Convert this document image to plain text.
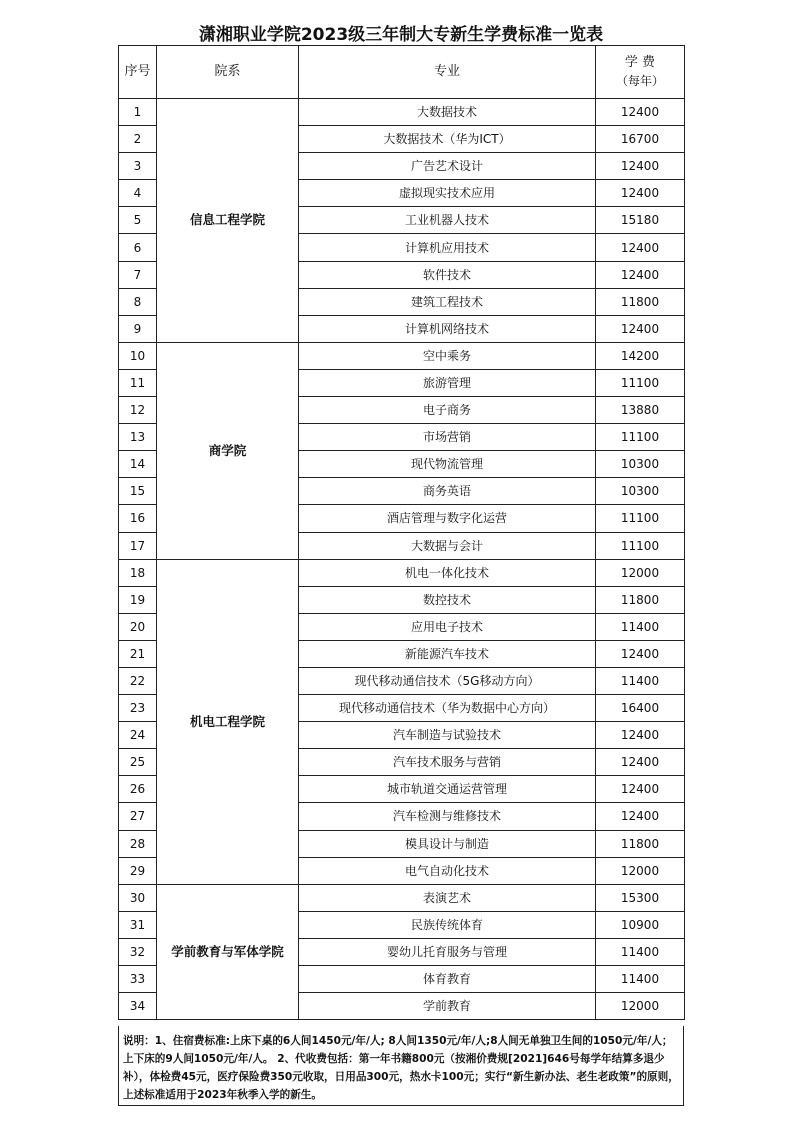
潇湘职业学院2023级三年制大专新生学费标准一览表
序号	院系	专业	学 费
（每年）

1	信息工程学院	大数据技术	12400
2		大数据技术（华为ICT）	16700
3		广告艺术设计	12400
4		虚拟现实技术应用	12400
5		工业机器人技术	15180
6		计算机应用技术	12400
7		软件技术	12400
8		建筑工程技术	11800
9		计算机网络技术	12400
10	商学院	空中乘务	14200
11		旅游管理	11100
12		电子商务	13880
13		市场营销	11100
14		现代物流管理	10300
15		商务英语	10300
16		酒店管理与数字化运营	11100
17		大数据与会计	11100
18	机电工程学院	机电一体化技术	12000
19		数控技术	11800
20		应用电子技术	11400
21		新能源汽车技术	12400
22		现代移动通信技术（5G移动方向）	11400
23		现代移动通信技术（华为数据中心方向）	16400
24		汽车制造与试验技术	12400
25		汽车技术服务与营销	12400
26		城市轨道交通运营管理	12400
27		汽车检测与维修技术	12400
28		模具设计与制造	11800
29		电气自动化技术	12000
30	学前教育与军体学院	表演艺术	15300
31		民族传统体育	10900
32		婴幼儿托育服务与管理	11400
33		体育教育	11400
34		学前教育	12000
说明：1、住宿费标准:上床下桌的6人间1450元/年/人; 8人间1350元/年/人;8人间无单独卫生间的1050元/年/人；上下床的9人间1050元/年/人。 2、代收费包括：第一年书籍800元（按湘价费规[2021]646号每学年结算多退少补），体检费45元，医疗保险费350元收取，日用品300元，热水卡100元；实行“新生新办法、老生老政策”的原则，上述标准适用于2023年秋季入学的新生。
